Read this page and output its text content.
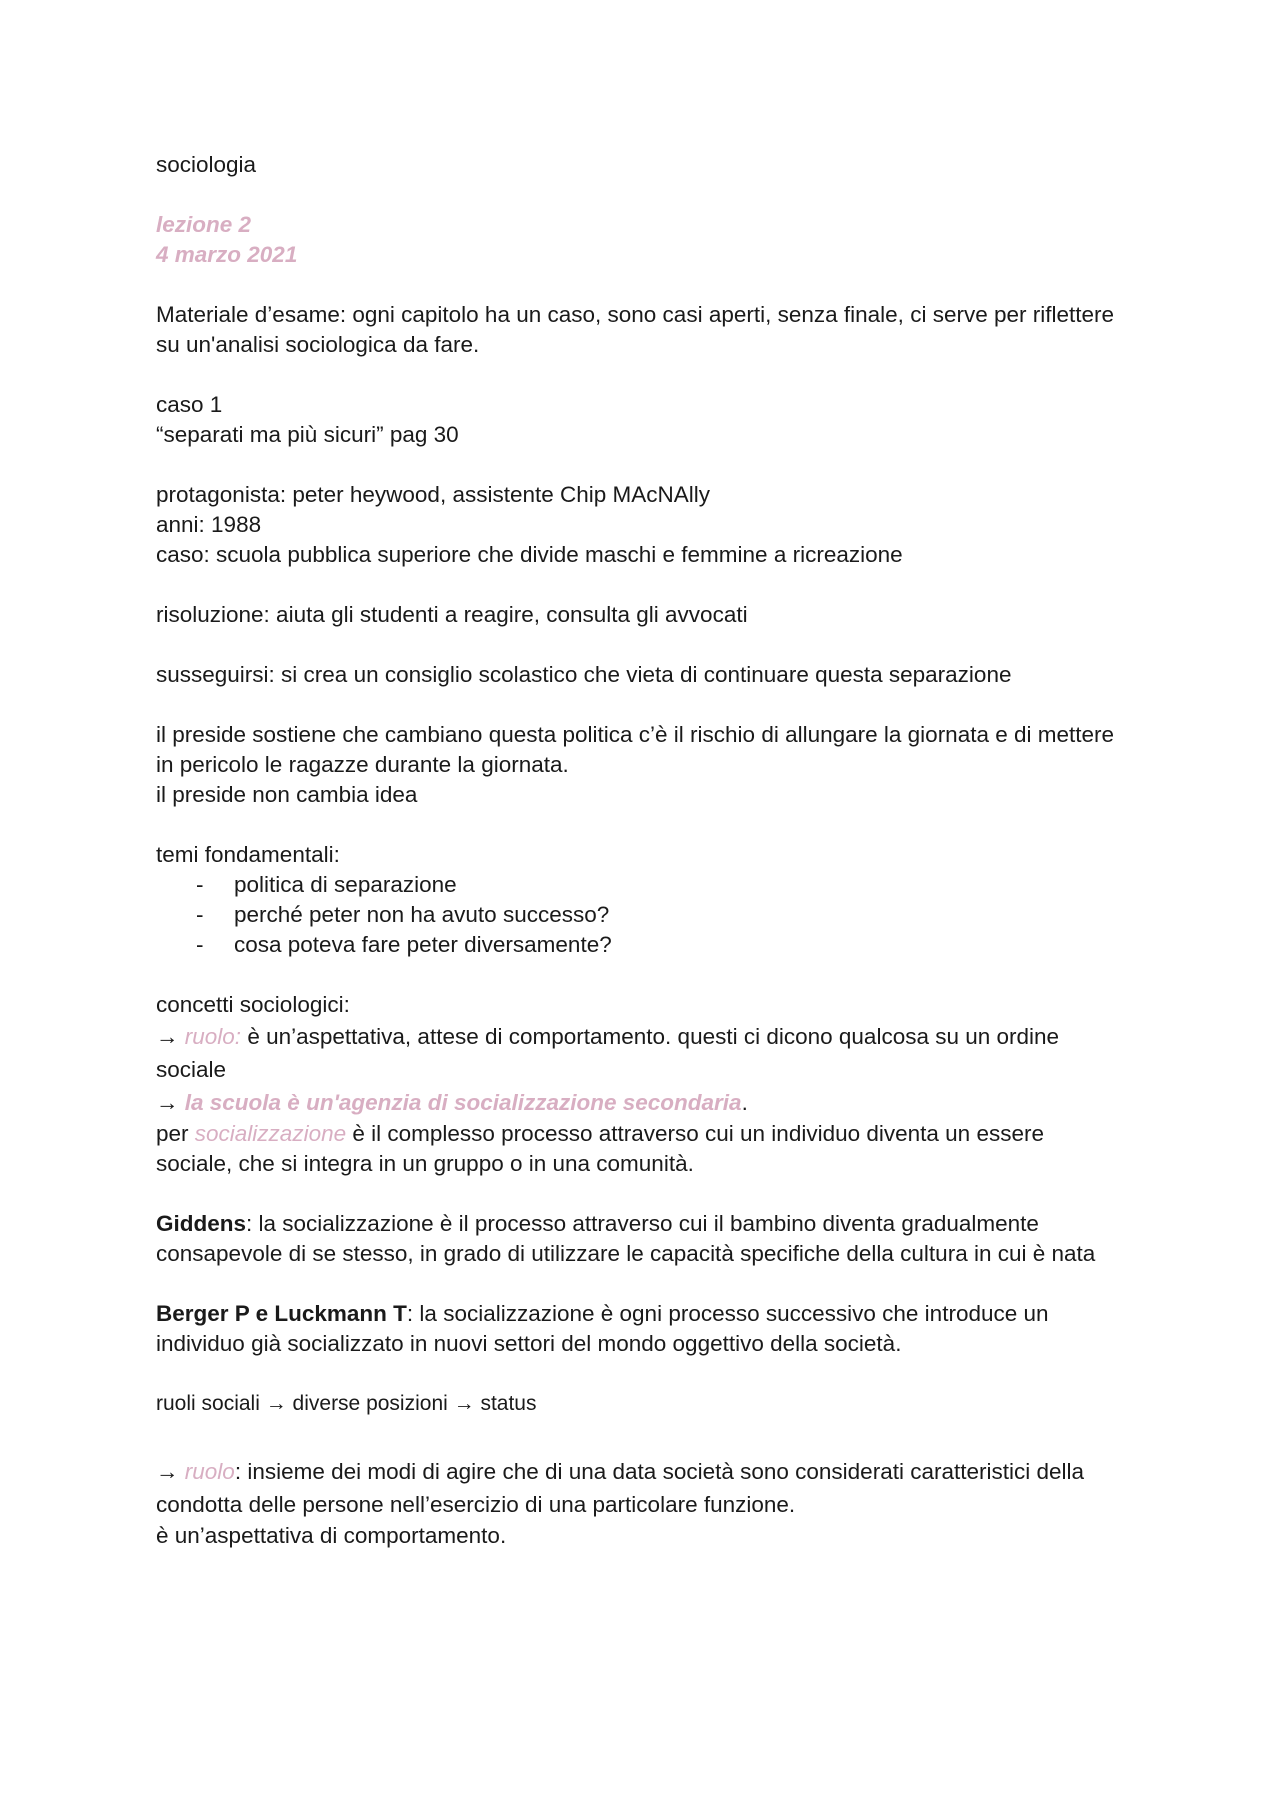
sociologia

lezione 2

4 marzo 2021

Materiale d’esame: ogni capitolo ha un caso, sono casi aperti, senza finale, ci serve per riflettere su un'analisi sociologica da fare.

caso 1

“separati ma più sicuri” pag 30

protagonista: peter heywood, assistente Chip MAcNAlly

anni: 1988

caso: scuola pubblica superiore che divide maschi e femmine a ricreazione

risoluzione: aiuta gli studenti a reagire, consulta gli avvocati

susseguirsi: si crea un consiglio scolastico che vieta di continuare questa separazione

il preside sostiene che cambiano questa politica c’è il rischio di allungare la giornata e di mettere in pericolo le ragazze durante la giornata.

il preside non cambia idea

temi fondamentali:

- politica di separazione
- perché peter non ha avuto successo?
- cosa poteva fare peter diversamente?

concetti sociologici:

→ ruolo: è un’aspettativa, attese di comportamento. questi ci dicono qualcosa su un ordine sociale

→ la scuola è un'agenzia di socializzazione secondaria.

per socializzazione è il complesso processo attraverso cui un individuo diventa un essere sociale, che si integra in un gruppo o in una comunità.

Giddens: la socializzazione è il processo attraverso cui il bambino diventa gradualmente consapevole di se stesso, in grado di utilizzare le capacità specifiche della cultura in cui è nata

Berger P e Luckmann T: la socializzazione è ogni processo successivo che introduce un individuo già socializzato in nuovi settori del mondo oggettivo della società.

ruoli sociali → diverse posizioni → status

→ ruolo: insieme dei modi di agire che di una data società sono considerati caratteristici della condotta delle persone nell’esercizio di una particolare funzione.

è un’aspettativa di comportamento.
